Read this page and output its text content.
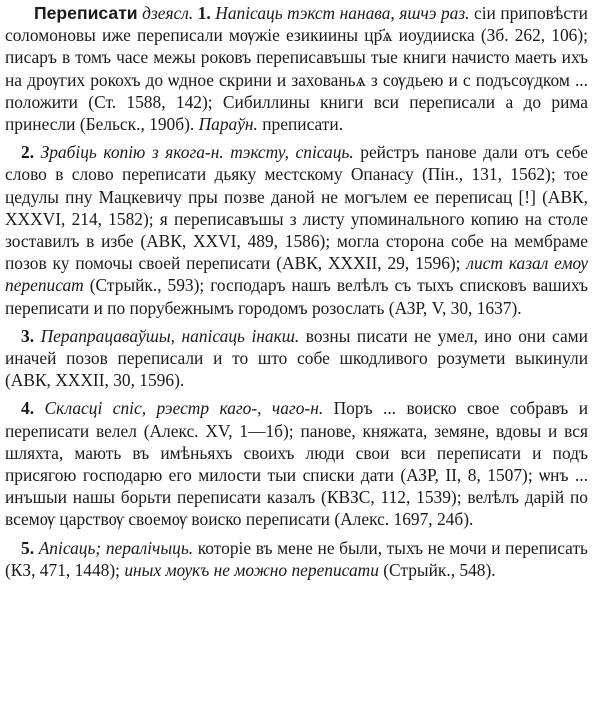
Переписати дзеясл. 1. Напісаць тэкст нанава, яшчэ раз. сіи приповѣсти соломоновы иже переписали мѹжіе езикиины цр҃ѧ иоудииска (Зб. 262, 106); писаръ в томъ часе межы роковъ переписавъшы тые книги начисто маеть ихъ на дрѹгих рокохъ до ѡдное скрини и захованьѧ з сѹдьею и с подъсѹдком ... положити (Ст. 1588, 142); Сибиллины книги вси переписали а до рима принесли (Бельск., 190б). Параўн. преписати.

2. Зрабіць копію з якога-н. тэксту, спісаць. рейстръ панове дали отъ себе слово в слово переписати дьяку местскому Опанасу (Пін., 131, 1562); тое цедулы пну Мацкевичу пры позве даной не могълем ее переписац [!] (АВК, XXXVI, 214, 1582); я переписавъшы з листу упоминального копию на столе зоставилъ в избе (АВК, XXVI, 489, 1586); могла сторона собе на мембраме позов ку помочы своей переписати (АВК, XXXII, 29, 1596); лист казал емѹ переписат (Стрыйк., 593); господаръ нашъ велѣлъ съ тыхъ списковъ вашихъ переписати и по порубежнымъ городомъ розослать (АЗР, V, 30, 1637).

3. Перапрацаваўшы, напісаць інакш. возны писати не умел, ино они сами иначей позов переписали и то што собе шкодливого розумети выкинули (АВК, XXXII, 30, 1596).

4. Скласці спіс, рэестр каго-, чаго-н. Поръ ... воиско свое собравъ и переписати велел (Алекс. XV, 1—1б); панове, княжата, земяне, вдовы и вся шляхта, мають въ имѣньяхъ своихъ люди свои вси переписати и подъ присягою господарю его милости тыи списки дати (АЗР, II, 8, 1507); ѡнъ ... инъшыи нашы борьти переписати казалъ (КВЗС, 112, 1539); велѣлъ дарій по всемѹ царствѹ своемѹ воиско переписати (Алекс. 1697, 24б).

5. Апісаць; пералічыць. которіе въ мене не были, тыхъ не мочи и переписать (КЗ, 471, 1448); иных мѹкъ не можно переписати (Стрыйк., 548).
